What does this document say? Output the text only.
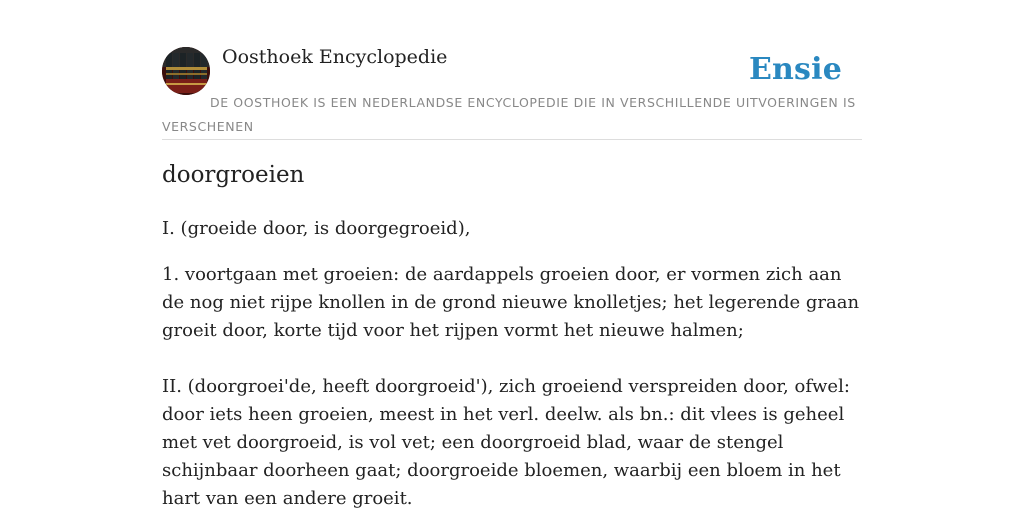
Oosthoek Encyclopedie	Ensie
DE OOSTHOEK IS EEN NEDERLANDSE ENCYCLOPEDIE DIE IN VERSCHILLENDE UITVOERINGEN IS VERSCHENEN
doorgroeien

I. (groeide door, is doorgegroeid),

1. voortgaan met groeien: de aardappels groeien door, er vormen zich aan de nog niet rijpe knollen in de grond nieuwe knolletjes; het legerende graan groeit door, korte tijd voor het rijpen vormt het nieuwe halmen;

II. (doorgroei'de, heeft doorgroeid'), zich groeiend verspreiden door, ofwel: door iets heen groeien, meest in het verl. deelw. als bn.: dit vlees is geheel met vet doorgroeid, is vol vet; een doorgroeid blad, waar de stengel schijnbaar doorheen gaat; doorgroeide bloemen, waarbij een bloem in het hart van een andere groeit.
